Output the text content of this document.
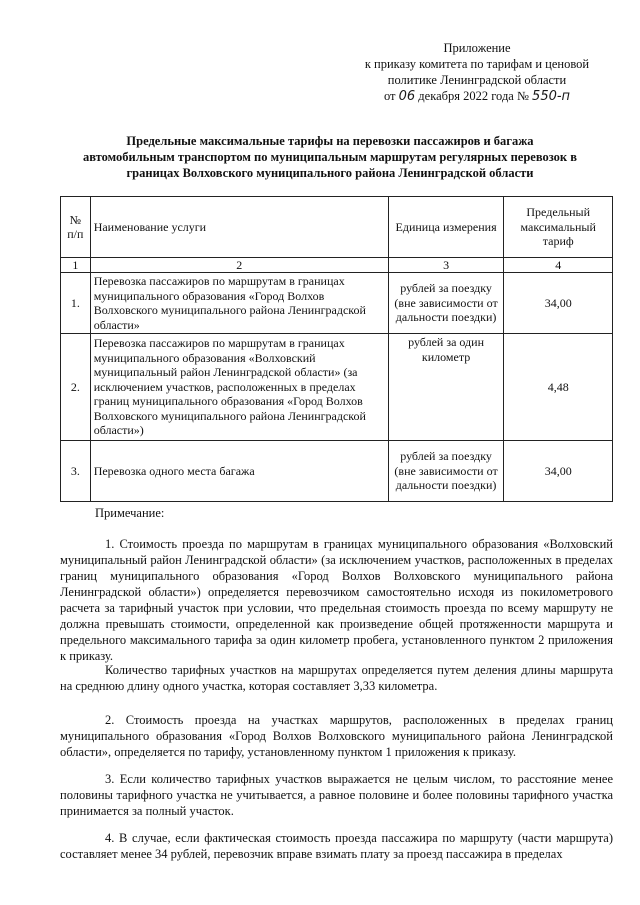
Приложение
к приказу комитета по тарифам и ценовой
политике Ленинградской области
от 06 декабря 2022 года № 550-п
Предельные максимальные тарифы на перевозки пассажиров и багажа
автомобильным транспортом по муниципальным маршрутам регулярных перевозок в
границах Волховского муниципального района Ленинградской области
№ п/п	Наименование услуги	Единица измерения	Предельный максимальный тариф
1	2	3	4
1.	Перевозка пассажиров по маршрутам в границах муниципального образования «Город Волхов Волховского муниципального района Ленинградской области»	рублей за поездку (вне зависимости от дальности поездки)	34,00
2.	Перевозка пассажиров по маршрутам в границах муниципального образования «Волховский муниципальный район Ленинградской области» (за исключением участков, расположенных в пределах границ муниципального образования «Город Волхов Волховского муниципального района Ленинградской области»)	рублей за один километр	4,48
3.	Перевозка одного места багажа	рублей за поездку (вне зависимости от дальности поездки)	34,00
Примечание:

1. Стоимость проезда по маршрутам в границах муниципального образования «Волховский муниципальный район Ленинградской области» (за исключением участков, расположенных в пределах границ муниципального образования «Город Волхов Волховского муниципального района Ленинградской области») определяется перевозчиком самостоятельно исходя из покилометрового расчета за тарифный участок при условии, что предельная стоимость проезда по всему маршруту не должна превышать стоимости, определенной как произведение общей протяженности маршрута и предельного максимального тарифа за один километр пробега, установленного пунктом 2 приложения к приказу.

Количество тарифных участков на маршрутах определяется путем деления длины маршрута на среднюю длину одного участка, которая составляет 3,33 километра.

2. Стоимость проезда на участках маршрутов, расположенных в пределах границ муниципального образования «Город Волхов Волховского муниципального района Ленинградской области», определяется по тарифу, установленному пунктом 1 приложения к приказу.

3. Если количество тарифных участков выражается не целым числом, то расстояние менее половины тарифного участка не учитывается, а равное половине и более половины тарифного участка принимается за полный участок.

4. В случае, если фактическая стоимость проезда пассажира по маршруту (части маршрута) составляет менее 34 рублей, перевозчик вправе взимать плату за проезд пассажира в пределах
